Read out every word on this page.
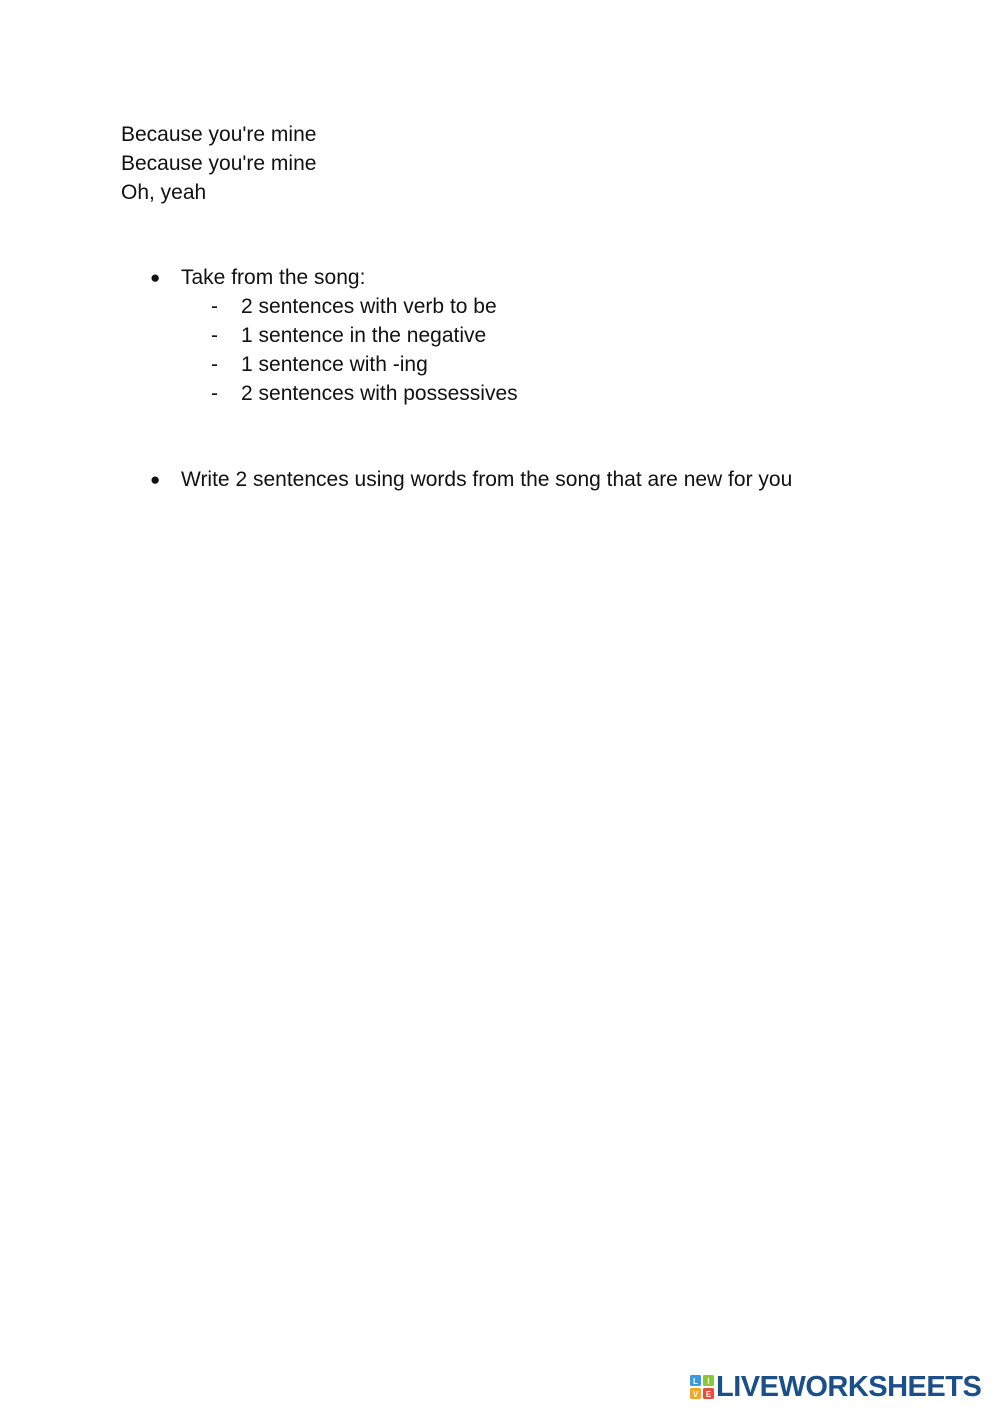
Because you're mine
Because you're mine
Oh, yeah
● Take from the song:
- 2 sentences with verb to be
- 1 sentence in the negative
- 1 sentence with -ing
- 2 sentences with possessives
● Write 2 sentences using words from the song that are new for you
L I
V E LIVEWORKSHEETS
